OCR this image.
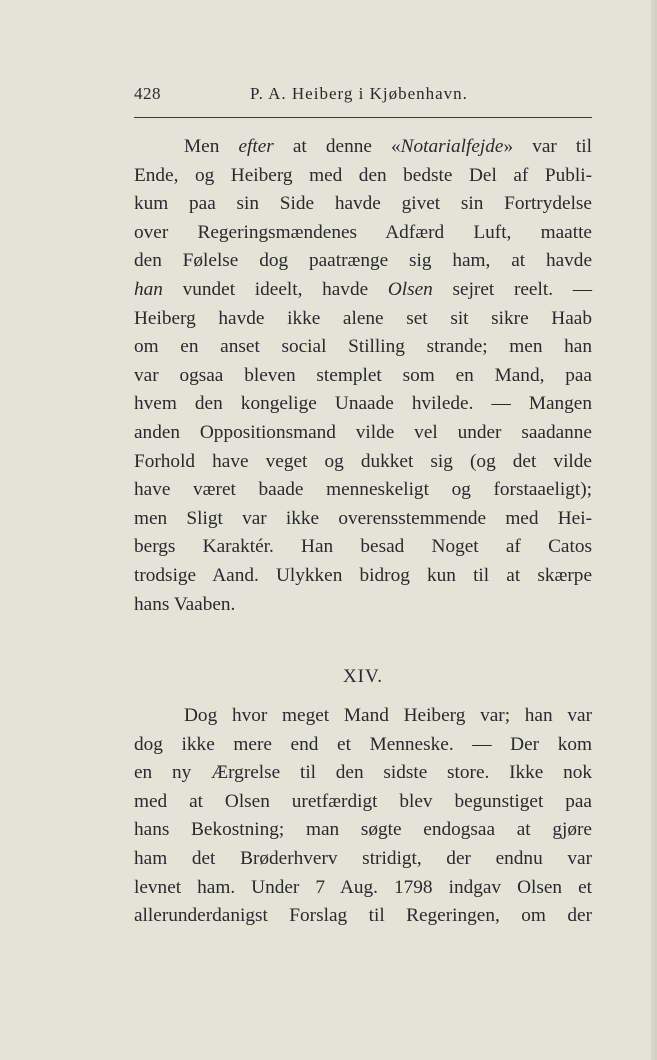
428	P. A. Heiberg i Kjøbenhavn.
Men efter at denne «Notarialfejde» var til
Ende, og Heiberg med den bedste Del af Publi-
kum paa sin Side havde givet sin Fortrydelse
over Regeringsmændenes Adfærd Luft, maatte
den Følelse dog paatrænge sig ham, at havde
han vundet ideelt, havde Olsen sejret reelt. —
Heiberg havde ikke alene set sit sikre Haab
om en anset social Stilling strande; men han
var ogsaa bleven stemplet som en Mand, paa
hvem den kongelige Unaade hvilede. — Mangen
anden Oppositionsmand vilde vel under saadanne
Forhold have veget og dukket sig (og det vilde
have været baade menneskeligt og forstaaeligt);
men Sligt var ikke overensstemmende med Hei-
bergs Karaktér. Han besad Noget af Catos
trodsige Aand. Ulykken bidrog kun til at skærpe
hans Vaaben.
XIV.
Dog hvor meget Mand Heiberg var; han var
dog ikke mere end et Menneske. — Der kom
en ny Ærgrelse til den sidste store. Ikke nok
med at Olsen uretfærdigt blev begunstiget paa
hans Bekostning; man søgte endogsaa at gjøre
ham det Brøderhverv stridigt, der endnu var
levnet ham. Under 7 Aug. 1798 indgav Olsen et
allerunderdanigst Forslag til Regeringen, om der
